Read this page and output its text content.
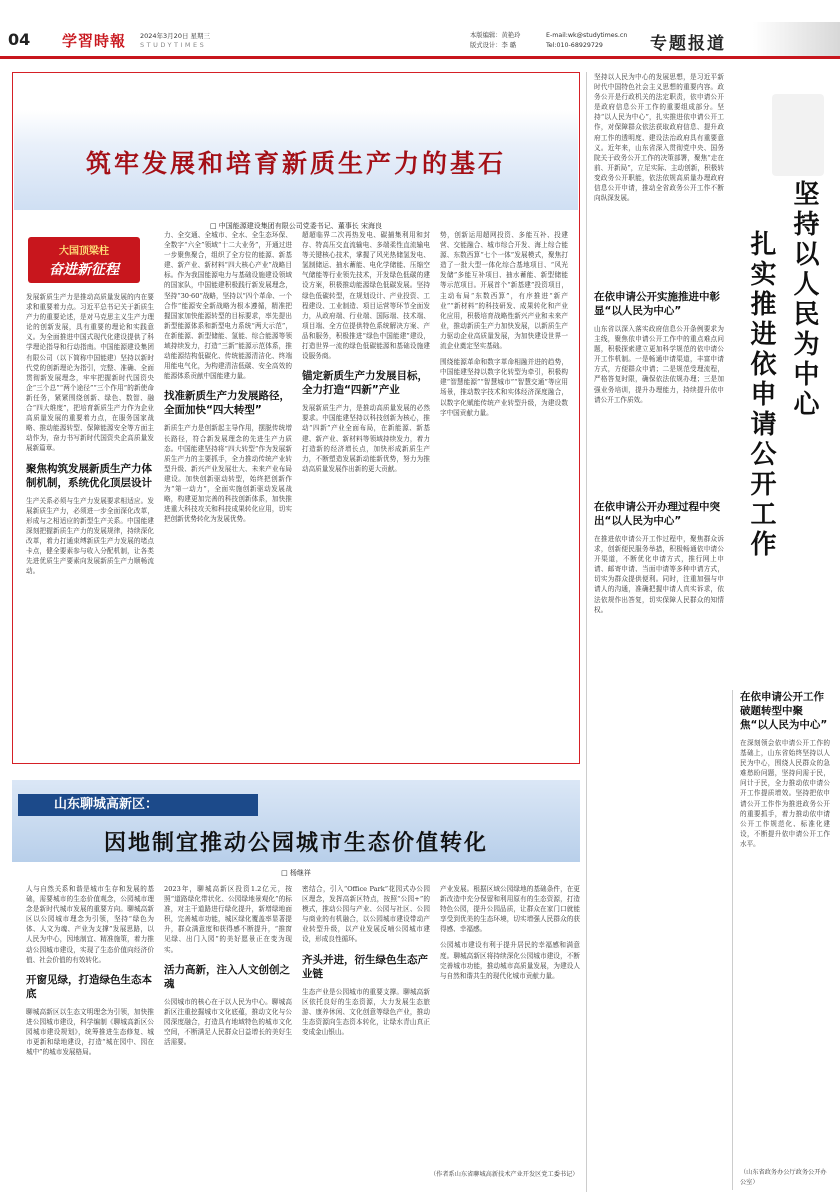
04 学習時報 2024年3月20日 星期三
STUDYTIMES
本版编辑：黄艳玲
版式设计：李 璐
E-mail:wk@studytimes.cn
Tel:010-68929729	专题报道
筑牢发展和培育新质生产力的基石
□ 中国能源建设集团有限公司党委书记、董事长 宋海良
大国顶梁柱
奋进新征程

发展新质生产力是推动高质量发展的内在要求和重要着力点。习近平总书记关于新质生产力的重要论述，是对马克思主义生产力理论的创新发展，具有重要的理论和实践意义。为全面推进中国式现代化建设提供了科学理论指导和行动指南。中国能源建设集团有限公司（以下简称中国能建）坚持以新时代党的创新理论为指引，完整、准确、全面贯彻新发展理念，牢牢把握新时代国资央企“三个总”“两个途径”“三个作用”的新使命新任务，紧紧围绕创新、绿色、数智、融合“四大维度”，把培育新质生产力作为企业高质量发展的重要着力点，在服务国家战略、推动能源转型、保障能源安全等方面主动作为，奋力书写新时代国资央企高质量发展新篇章。

聚焦构筑发展新质生产力体制机制，系统优化顶层设计

生产关系必须与生产力发展要求相适应。发展新质生产力，必须进一步全面深化改革，形成与之相适应的新型生产关系。中国能建深刻把握新质生产力的发展规律，持续深化改革，着力打通束缚新质生产力发展的堵点卡点，健全要素参与收入分配机制，让各类先进优质生产要素向发展新质生产力顺畅流动。

力、全交通、全城市、全水、全生态环保、全数字“六全”领域“十二大业务”，开通过进一步聚焦聚合，组织了全方位的能源、新基建、新产业、新材料“四大核心产业”战略目标。作为我国能源电力与基础设施建设领域的国家队，中国能建积极践行新发展理念，坚持“30·60”战略，坚持以“四个革命、一个合作”能源安全新战略为根本遵循，精准把握国家加快能源转型的目标要求，率先提出新型能源体系和新型电力系统“两大示范”，在新能源、新型储能、氢能、综合能源等领域持续发力，打造“三新”能源示范体系，推动能源结构低碳化、传统能源清洁化、终端用能电气化，为构建清洁低碳、安全高效的能源体系贡献中国能建力量。

找准新质生产力发展路径，全面加快“四大转型”

新质生产力是创新起主导作用，摆脱传统增长路径，符合新发展理念的先进生产力质态。中国能建坚持将“四大转型”作为发展新质生产力的主要抓手，全力推动传统产业转型升级、新兴产业发展壮大、未来产业布局建设。加快创新驱动转型，始终把创新作为“第一动力”，全面实施创新驱动发展战略，构建更加完善的科技创新体系，加快推进重大科技攻关和科技成果转化应用，切实把创新优势转化为发展优势。

超超临界二次再热发电、碳捕集利用和封存、特高压交直流输电、多端柔性直流输电等关键核心技术，掌握了风光热储氢发电、氢制储运、抽水蓄能、电化学储能、压缩空气储能等行业领先技术，开发绿色低碳的建设方案，积极推动能源绿色低碳发展。坚持绿色低碳转型，在规划设计、产业投资、工程建设、工业制造、项目运营等环节全面发力，从政府端、行业端、国际端、技术端、项目端、全方位提供特色系统解决方案、产品和服务，积极推进“绿色中国能建”建设，打造世界一流的绿色低碳能源和基础设施建设服务商。

锚定新质生产力发展目标，全力打造“四新”产业

发展新质生产力，是推动高质量发展的必然要求。中国能建坚持以科技创新为核心，推动“四新”产业全面布局，在新能源、新基建、新产业、新材料等领域持续发力，着力打造新的经济增长点，加快形成新质生产力，不断塑造发展新动能新优势，努力为推动高质量发展作出新的更大贡献。

势，创新运用超网投资、多能互补、投建营、交能融合、城市综合开发、海上综合能源、东数西算“七个一体”发展模式，聚焦打造了一批大型一体化综合基地项目、“风光发储”多能互补项目、抽水蓄能、新型储能等示范项目。开展首个“新基建”投资项目，主动布局“东数西算”，有序推进“新产业”“新材料”的科技研发、成果转化和产业化应用，积极培育战略性新兴产业和未来产业，推动新质生产力加快发展，以新质生产力驱动企业高质量发展，为加快建设世界一流企业奠定坚实基础。

围绕能源革命和数字革命相融并进的趋势，中国能建坚持以数字化转型为牵引，积极构建“智慧能源”“智慧城市”“智慧交通”等应用场景，推动数字技术和实体经济深度融合，以数字化赋能传统产业转型升级，为建设数字中国贡献力量。	坚持以人民为中心
扎实推进依申请公开工作

坚持以人民为中心的发展思想，是习近平新时代中国特色社会主义思想的重要内容。政务公开是行政机关的法定职责，依申请公开是政府信息公开工作的重要组成部分。坚持“以人民为中心”，扎实推进依申请公开工作，对保障群众依法获取政府信息、提升政府工作的透明度、建设法治政府具有重要意义。近年来，山东省深入贯彻党中央、国务院关于政务公开工作的决策部署，聚焦“走在前、开新局”，立足实际、主动创新，积极转变政务公开职能，依法依规高质量办理政府信息公开申请，推动全省政务公开工作不断向纵深发展。

在依申请公开实施推进中彰显“以人民为中心”

山东省以深入落实政府信息公开条例要求为主线，聚焦依申请公开工作中的重点难点问题，积极探索建立更加科学规范的依申请公开工作机制。一是畅通申请渠道，丰富申请方式，方便群众申请；二是规范受理流程，严格答复时限，确保依法依规办理；三是加强业务培训，提升办理能力，持续提升依申请公开工作质效。

在依申请公开办理过程中突出“以人民为中心”

在推进依申请公开工作过程中，聚焦群众诉求，创新便民服务举措，积极畅通依申请公开渠道，不断优化申请方式，推行网上申请、邮寄申请、当面申请等多种申请方式，切实为群众提供便利。同时，注重加强与申请人的沟通，准确把握申请人真实诉求，依法依规作出答复，切实保障人民群众的知情权。

在依申请公开工作破题转型中聚焦“以人民为中心”

在深刻领会依申请公开工作的基础上，山东省始终坚持以人民为中心，围绕人民群众的急难愁盼问题，坚持问需于民，问计于民，全力推动依申请公开工作提质增效。坚持把依申请公开工作作为推进政务公开的重要抓手，着力推动依申请公开工作规范化、标准化建设，不断提升依申请公开工作水平。

（山东省政务办公厅政务公开办公室）
山东聊城高新区：
因地制宜推动公园城市生态价值转化
□ 杨继祥

人与自然关系和谐是城市生存和发展的基础，需要城市的生态价值观念，公园城市理念是新时代城市发展的重要方向。聊城高新区以公园城市理念为引领，坚持“绿色为体、人文为魂、产业为支撑”发展思路，以人民为中心，因地制宜、精准施策，着力推动公园城市建设，实现了生态价值向经济价值、社会价值的有效转化。

开窗见绿，打造绿色生态本底

聊城高新区以生态文明理念为引领，加快推进公园城市建设，科学编制《聊城高新区公园城市建设规划》，统筹推进生态修复、城市更新和绿地建设，打造“城在园中、园在城中”的城市发展格局。

2023年，聊城高新区投资1.2亿元，按照“道路绿化带状化、公园绿地景观化”的标准，对主干道路进行绿化提升，新增绿地面积，完善城市功能，城区绿化覆盖率显著提升，群众满意度和获得感不断提升，“推窗见绿、出门入园”的美好愿景正在变为现实。

活力高新，注入人文创创之魂

公园城市的核心在于以人民为中心。聊城高新区注重挖掘城市文化底蕴，推动文化与公园深度融合，打造具有地域特色的城市文化空间，不断满足人民群众日益增长的美好生活需要。

密结合，引入“Office Park”花园式办公园区理念，发挥高新区特点，按照“公园+”的模式，推动公园与产业、公园与社区、公园与商业的有机融合，以公园城市建设带动产业转型升级，以产业发展反哺公园城市建设，形成良性循环。

齐头并进，衍生绿色生态产业链

生态产业是公园城市的重要支撑。聊城高新区依托良好的生态资源，大力发展生态旅游、康养休闲、文化创意等绿色产业，推动生态资源向生态资本转化，让绿水青山真正变成金山银山。

产业发展。根据区域公园绿地的基础条件，在更新改造中充分保留和利用原有的生态资源，打造特色公园，提升公园品质，让群众在家门口就能享受到优美的生态环境，切实增强人民群众的获得感、幸福感。

公园城市建设有利于提升居民的幸福感和满意度。聊城高新区将持续深化公园城市建设，不断完善城市功能，推动城市高质量发展，为建设人与自然和谐共生的现代化城市贡献力量。

（作者系山东省聊城高新技术产业开发区党工委书记）
